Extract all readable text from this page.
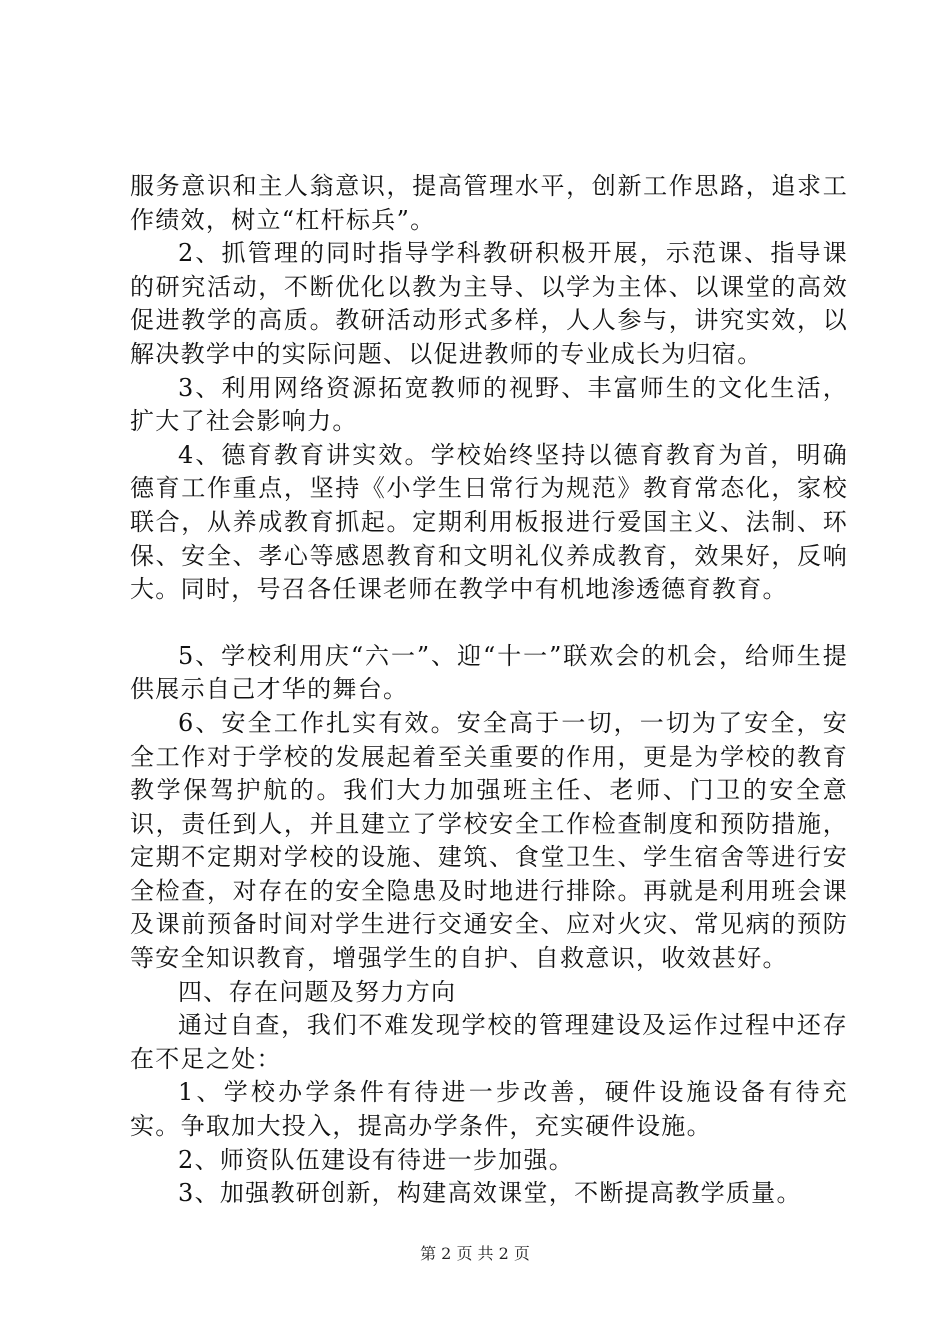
服务意识和主人翁意识，提高管理水平，创新工作思路，追求工作绩效，树立“杠杆标兵”。

2、抓管理的同时指导学科教研积极开展，示范课、指导课的研究活动，不断优化以教为主导、以学为主体、以课堂的高效促进教学的高质。教研活动形式多样，人人参与，讲究实效，以解决教学中的实际问题、以促进教师的专业成长为归宿。

3、利用网络资源拓宽教师的视野、丰富师生的文化生活，扩大了社会影响力。

4、德育教育讲实效。学校始终坚持以德育教育为首，明确德育工作重点，坚持《小学生日常行为规范》教育常态化，家校联合，从养成教育抓起。定期利用板报进行爱国主义、法制、环保、安全、孝心等感恩教育和文明礼仪养成教育，效果好，反响大。同时，号召各任课老师在教学中有机地渗透德育教育。

5、学校利用庆“六一”、迎“十一”联欢会的机会，给师生提供展示自己才华的舞台。

6、安全工作扎实有效。安全高于一切，一切为了安全，安全工作对于学校的发展起着至关重要的作用，更是为学校的教育教学保驾护航的。我们大力加强班主任、老师、门卫的安全意识，责任到人，并且建立了学校安全工作检查制度和预防措施，定期不定期对学校的设施、建筑、食堂卫生、学生宿舍等进行安全检查，对存在的安全隐患及时地进行排除。再就是利用班会课及课前预备时间对学生进行交通安全、应对火灾、常见病的预防等安全知识教育，增强学生的自护、自救意识，收效甚好。

四、存在问题及努力方向

通过自查，我们不难发现学校的管理建设及运作过程中还存在不足之处：

1、学校办学条件有待进一步改善，硬件设施设备有待充实。争取加大投入，提高办学条件，充实硬件设施。

2、师资队伍建设有待进一步加强。

3、加强教研创新，构建高效课堂，不断提高教学质量。

第 2 页 共 2 页
